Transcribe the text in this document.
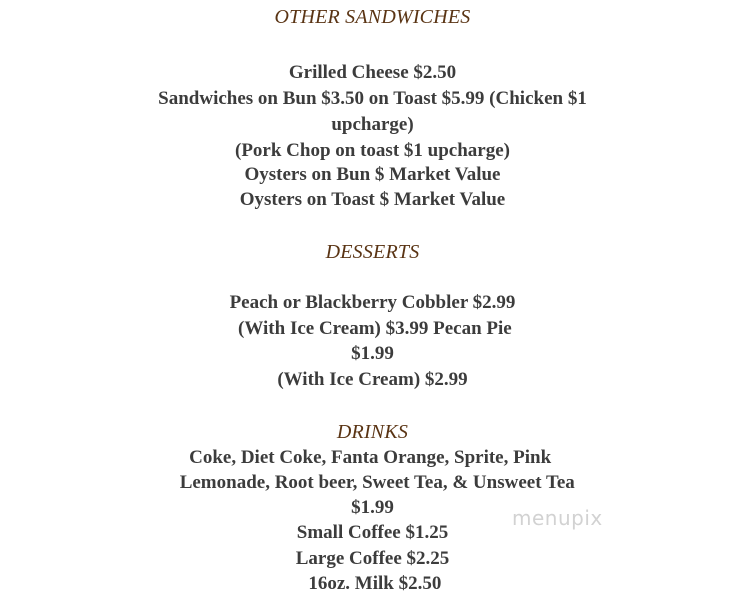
OTHER SANDWICHES
Grilled Cheese $2.50
Sandwiches on Bun $3.50 on Toast $5.99 (Chicken $1
upcharge)
(Pork Chop on toast $1 upcharge)
Oysters on Bun $ Market Value
Oysters on Toast $ Market Value
DESSERTS
Peach or Blackberry Cobbler $2.99
(With Ice Cream) $3.99 Pecan Pie
$1.99
(With Ice Cream) $2.99
DRINKS
Coke, Diet Coke, Fanta Orange, Sprite, Pink
Lemonade, Root beer, Sweet Tea, & Unsweet Tea
$1.99
Small Coffee $1.25
Large Coffee $2.25
16oz. Milk $2.50
menupix
